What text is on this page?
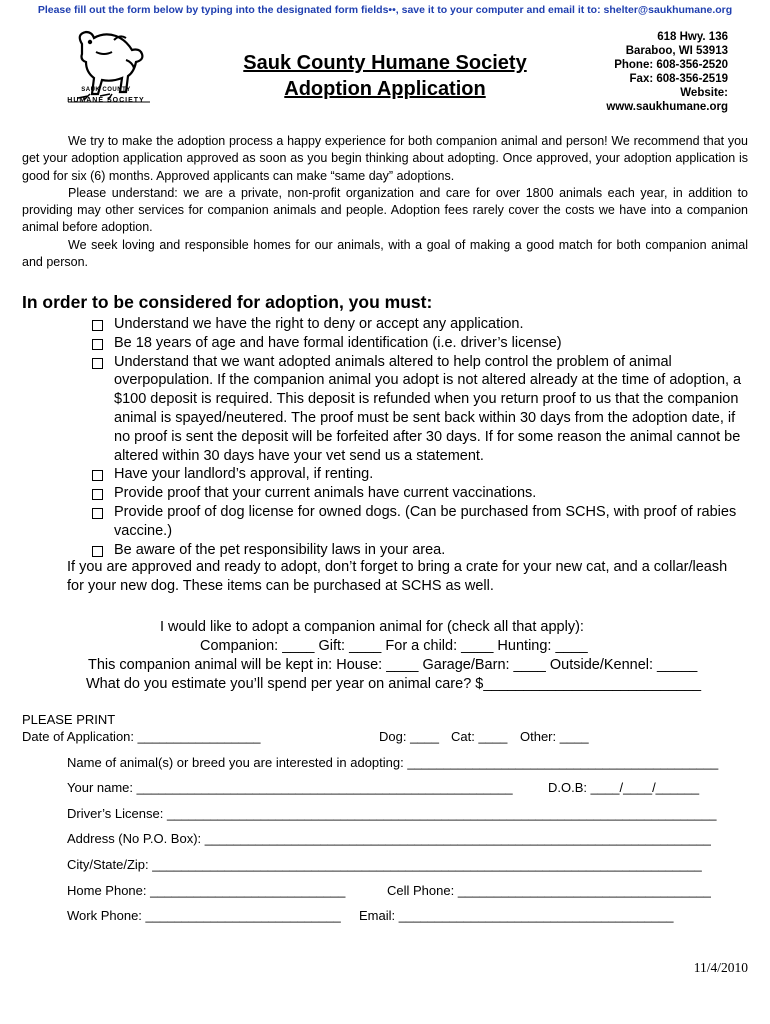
Please fill out the form below by typing into the designated form fields••, save it to your computer and email it to: shelter@saukhumane.org
SAUK COUNTY
HUMANE SOCIETY
Sauk County Humane Society
Adoption Application
618 Hwy. 136
Baraboo, WI 53913
Phone: 608-356-2520
Fax: 608-356-2519
Website:
www.saukhumane.org

We try to make the adoption process a happy experience for both companion animal and person! We recommend that you get your adoption application approved as soon as you begin thinking about adopting. Once approved, your adoption application is good for six (6) months. Approved applicants can make “same day” adoptions.

Please understand: we are a private, non-profit organization and care for over 1800 animals each year, in addition to providing may other services for companion animals and people. Adoption fees rarely cover the costs we have into a companion animal before adoption.

We seek loving and responsible homes for our animals, with a goal of making a good match for both companion animal and person.

In order to be considered for adoption, you must:
Understand we have the right to deny or accept any application.
Be 18 years of age and have formal identification (i.e. driver’s license)
Understand that we want adopted animals altered to help control the problem of animal overpopulation. If the companion animal you adopt is not altered already at the time of adoption, a $100 deposit is required. This deposit is refunded when you return proof to us that the companion animal is spayed/neutered. The proof must be sent back within 30 days from the adoption date, if no proof is sent the deposit will be forfeited after 30 days. If for some reason the animal cannot be altered within 30 days have your vet send us a statement.
Have your landlord’s approval, if renting.
Provide proof that your current animals have current vaccinations.
Provide proof of dog license for owned dogs. (Can be purchased from SCHS, with proof of rabies vaccine.)
Be aware of the pet responsibility laws in your area.
If you are approved and ready to adopt, don’t forget to bring a crate for your new cat, and a collar/leash for your new dog. These items can be purchased at SCHS as well.
I would like to adopt a companion animal for (check all that apply):
Companion: ____ Gift: ____ For a child: ____ Hunting: ____
This companion animal will be kept in: House: ____ Garage/Barn: ____ Outside/Kennel: _____
What do you estimate you’ll spend per year on animal care? $___________________________
PLEASE PRINT
Date of Application: _________________	Dog: ____ Cat: ____ Other: ____
Name of animal(s) or breed you are interested in adopting: ___________________________________________
Your name: ____________________________________________________	D.O.B: ____/____/______
Driver’s License: ____________________________________________________________________________
Address (No P.O. Box): ______________________________________________________________________
City/State/Zip: ____________________________________________________________________________
Home Phone: ___________________________	Cell Phone: ___________________________________
Work Phone: ___________________________ Email: ______________________________________
11/4/2010
